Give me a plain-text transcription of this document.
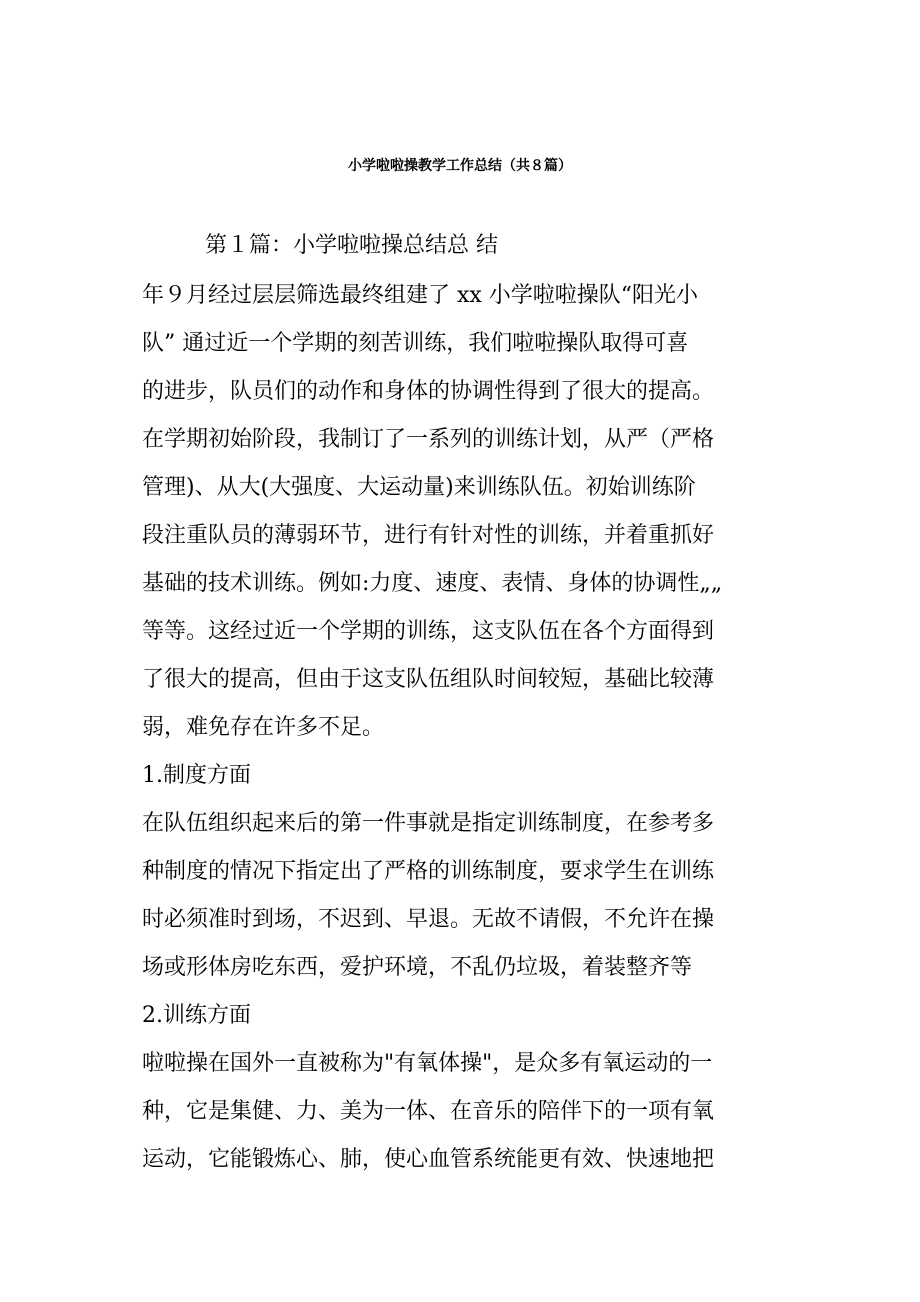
小学啦啦操教学工作总结（共８篇）

第１篇：小学啦啦操总结总 结

年９月经过层层筛选最终组建了 xx 小学啦啦操队“阳光小

队” 通过近一个学期的刻苦训练，我们啦啦操队取得可喜

的进步，队员们的动作和身体的协调性得到了很大的提高。

在学期初始阶段，我制订了一系列的训练计划，从严（严格

管理)、从大(大强度、大运动量)来训练队伍。初始训练阶

段注重队员的薄弱环节，进行有针对性的训练，并着重抓好

基础的技术训练。例如:力度、速度、表情、身体的协调性„„

等等。这经过近一个学期的训练，这支队伍在各个方面得到

了很大的提高，但由于这支队伍组队时间较短，基础比较薄

弱，难免存在许多不足。

1.制度方面

在队伍组织起来后的第一件事就是指定训练制度，在参考多

种制度的情况下指定出了严格的训练制度，要求学生在训练

时必须准时到场，不迟到、早退。无故不请假，不允许在操

场或形体房吃东西，爱护环境，不乱仍垃圾，着装整齐等

2.训练方面

啦啦操在国外一直被称为"有氧体操"，是众多有氧运动的一

种，它是集健、力、美为一体、在音乐的陪伴下的一项有氧

运动，它能锻炼心、肺，使心血管系统能更有效、快速地把
